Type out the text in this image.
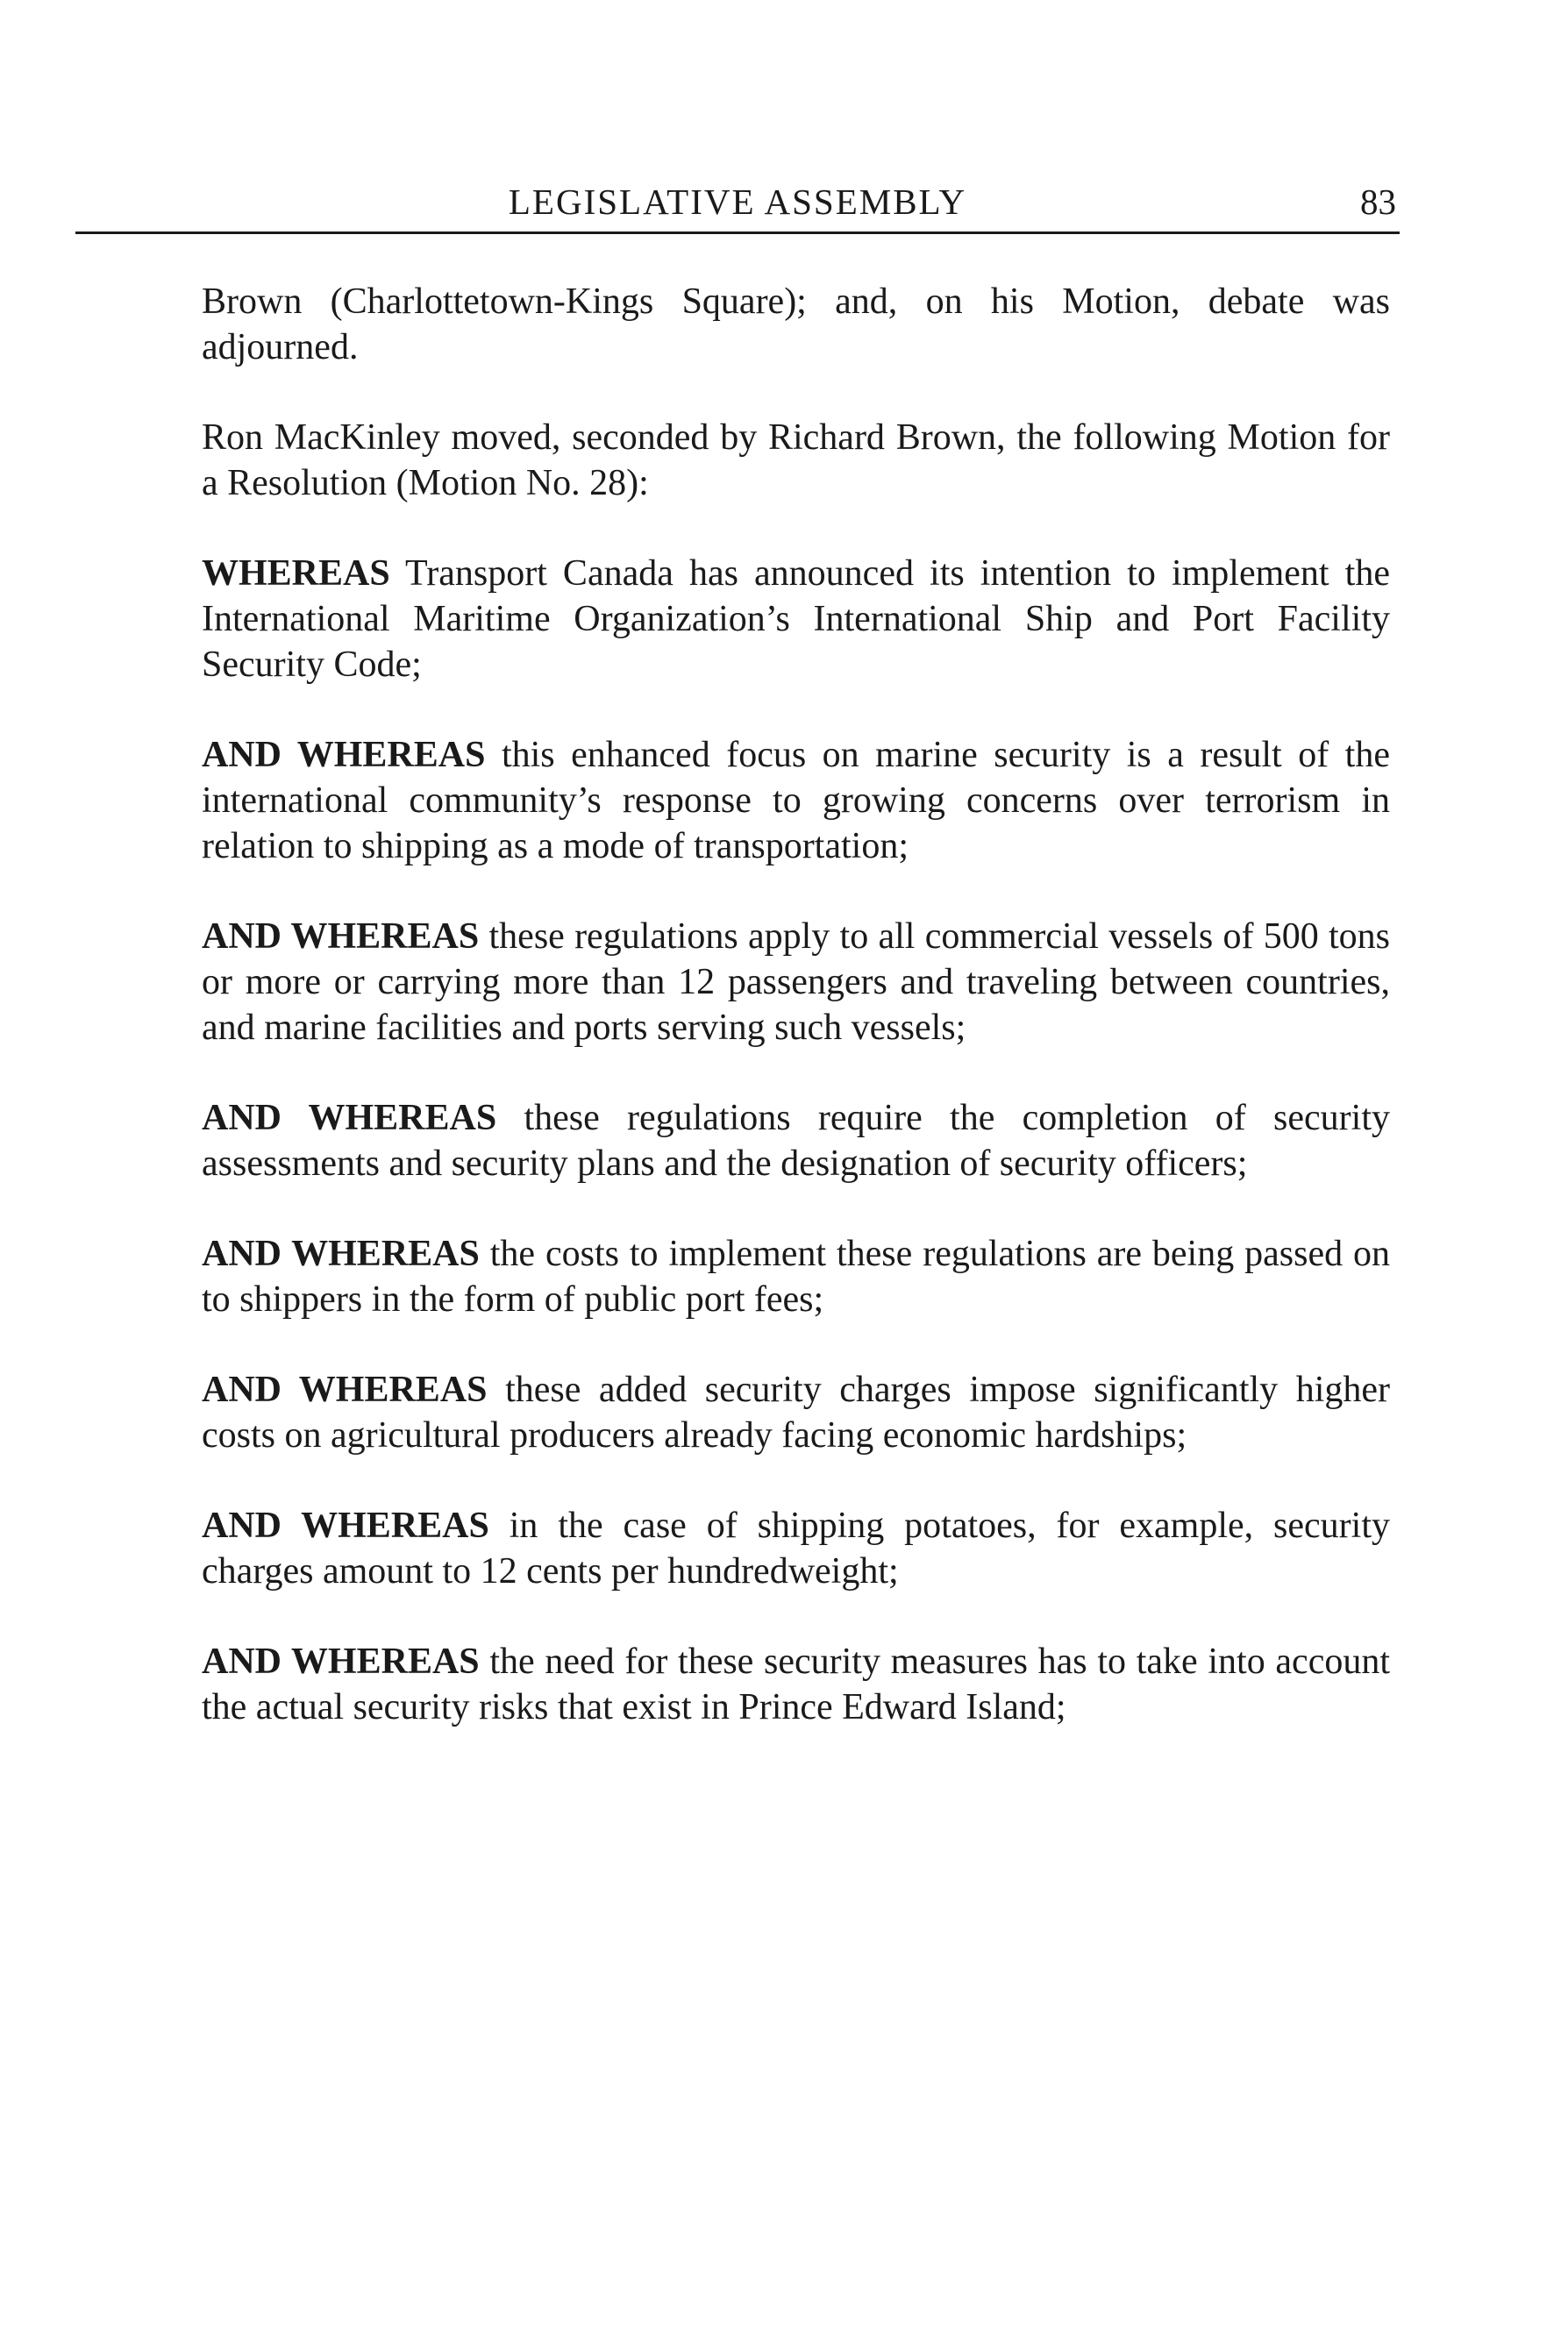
LEGISLATIVE ASSEMBLY	83

Brown (Charlottetown-Kings Square); and, on his Motion, debate was adjourned.

Ron MacKinley moved, seconded by Richard Brown, the following Motion for a Resolution (Motion No. 28):

WHEREAS Transport Canada has announced its intention to implement the International Maritime Organization’s International Ship and Port Facility Security Code;

AND WHEREAS this enhanced focus on marine security is a result of the international community’s response to growing concerns over terrorism in relation to shipping as a mode of transportation;

AND WHEREAS these regulations apply to all commercial vessels of 500 tons or more or carrying more than 12 passengers and traveling between countries, and marine facilities and ports serving such vessels;

AND WHEREAS these regulations require the completion of security assessments and security plans and the designation of security officers;

AND WHEREAS the costs to implement these regulations are being passed on to shippers in the form of public port fees;

AND WHEREAS these added security charges impose significantly higher costs on agricultural producers already facing economic hardships;

AND WHEREAS in the case of shipping potatoes, for example, security charges amount to 12 cents per hundredweight;

AND WHEREAS the need for these security measures has to take into account the actual security risks that exist in Prince Edward Island;
